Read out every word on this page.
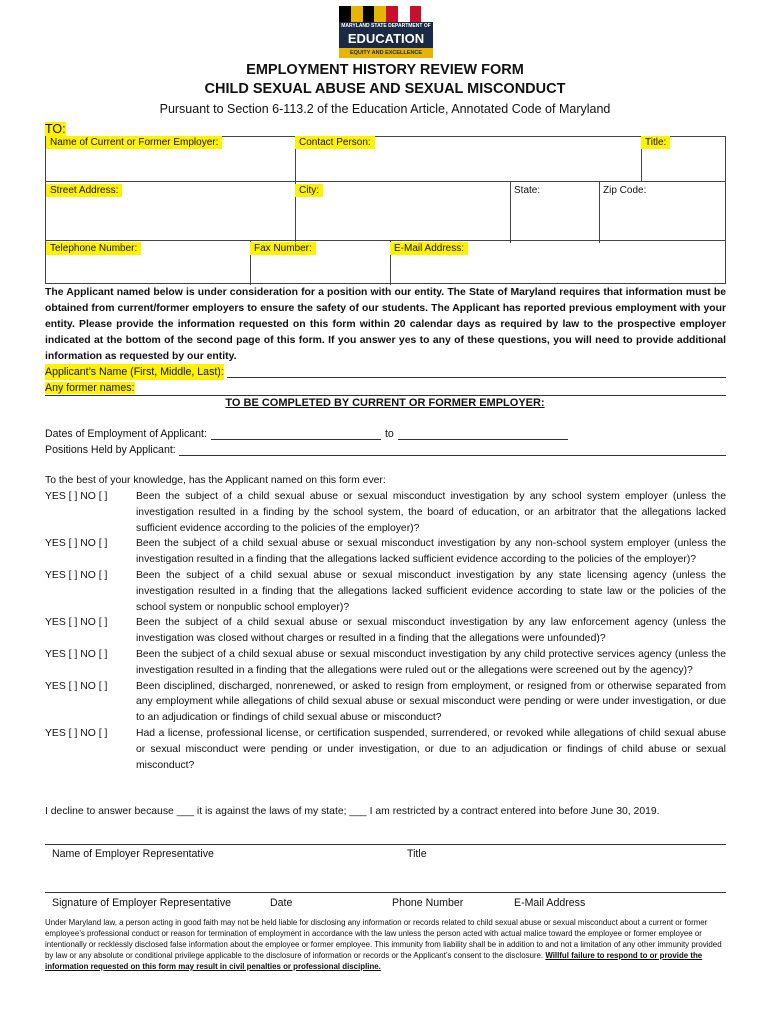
MARYLAND STATE DEPARTMENT OF
EDUCATION
EQUITY AND EXCELLENCE
EMPLOYMENT HISTORY REVIEW FORM
CHILD SEXUAL ABUSE AND SEXUAL MISCONDUCT
Pursuant to Section 6-113.2 of the Education Article, Annotated Code of Maryland
TO:
Name of Current or Former Employer:	Contact Person:	Title:
Street Address:	City:	State:	Zip Code:
Telephone Number:	Fax Number:	E-Mail Address:
The Applicant named below is under consideration for a position with our entity. The State of Maryland requires that information must be obtained from current/former employers to ensure the safety of our students. The Applicant has reported previous employment with your entity. Please provide the information requested on this form within 20 calendar days as required by law to the prospective employer indicated at the bottom of the second page of this form. If you answer yes to any of these questions, you will need to provide additional information as requested by our entity.
Applicant’s Name (First, Middle, Last):
Any former names:
TO BE COMPLETED BY CURRENT OR FORMER EMPLOYER:
Dates of Employment of Applicant:	to
Positions Held by Applicant:
To the best of your knowledge, has the Applicant named on this form ever:
YES [ ] NO [ ]	Been the subject of a child sexual abuse or sexual misconduct investigation by any school system employer (unless the investigation resulted in a finding by the school system, the board of education, or an arbitrator that the allegations lacked sufficient evidence according to the policies of the employer)?
YES [ ] NO [ ]	Been the subject of a child sexual abuse or sexual misconduct investigation by any non-school system employer (unless the investigation resulted in a finding that the allegations lacked sufficient evidence according to the policies of the employer)?
YES [ ] NO [ ]	Been the subject of a child sexual abuse or sexual misconduct investigation by any state licensing agency (unless the investigation resulted in a finding that the allegations lacked sufficient evidence according to state law or the policies of the school system or nonpublic school employer)?
YES [ ] NO [ ]	Been the subject of a child sexual abuse or sexual misconduct investigation by any law enforcement agency (unless the investigation was closed without charges or resulted in a finding that the allegations were unfounded)?
YES [ ] NO [ ]	Been the subject of a child sexual abuse or sexual misconduct investigation by any child protective services agency (unless the investigation resulted in a finding that the allegations were ruled out or the allegations were screened out by the agency)?
YES [ ] NO [ ]	Been disciplined, discharged, nonrenewed, or asked to resign from employment, or resigned from or otherwise separated from any employment while allegations of child sexual abuse or sexual misconduct were pending or were under investigation, or due to an adjudication or findings of child sexual abuse or misconduct?
YES [ ] NO [ ]	Had a license, professional license, or certification suspended, surrendered, or revoked while allegations of child sexual abuse or sexual misconduct were pending or under investigation, or due to an adjudication or findings of child abuse or sexual misconduct?
I decline to answer because ___ it is against the laws of my state; ___ I am restricted by a contract entered into before June 30, 2019.
Name of Employer Representative	Title
Signature of Employer Representative	Date	Phone Number	E-Mail Address
Under Maryland law, a person acting in good faith may not be held liable for disclosing any information or records related to child sexual abuse or sexual misconduct about a current or former employee’s professional conduct or reason for termination of employment in accordance with the law unless the person acted with actual malice toward the employee or former employee or intentionally or recklessly disclosed false information about the employee or former employee. This immunity from liability shall be in addition to and not a limitation of any other immunity provided by law or any absolute or conditional privilege applicable to the disclosure of information or records or the Applicant’s consent to the disclosure. Willful failure to respond to or provide the information requested on this form may result in civil penalties or professional discipline.
